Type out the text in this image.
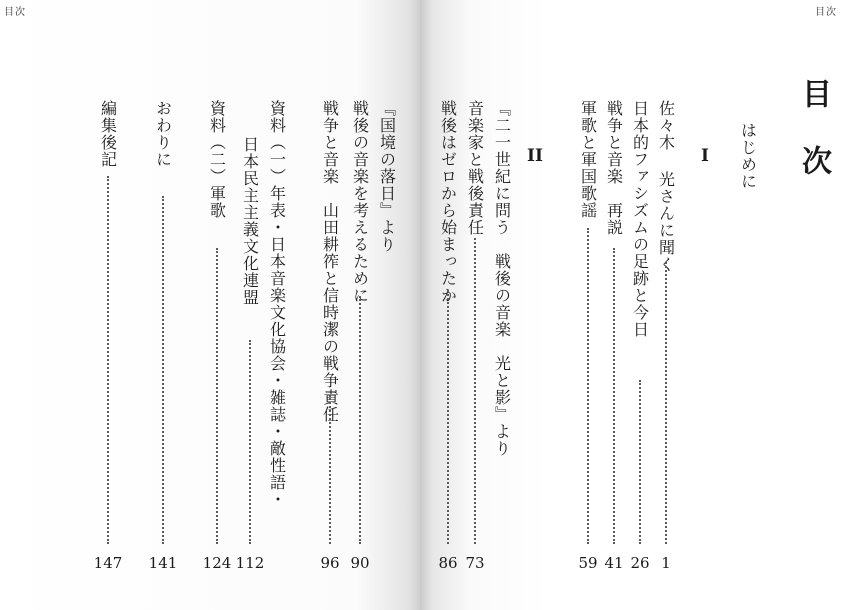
目次	目次
目 次
はじめに
I
佐々木 光さんに聞く
1
日本的ファシズムの足跡と今日
26
戦争と音楽　再説
41
軍歌と軍国歌謡
59
II
『二一世紀に問う　戦後の音楽　光と影』より
音楽家と戦後責任
73
戦後はゼロから始まったか
86
『国境の落日』より
戦後の音楽を考えるために
90
戦争と音楽　山田耕筰と信時潔の戦争責任
96
資料（一）年表・日本音楽文化協会・雑誌・敵性語・
日本民主主義文化連盟
112
資料（二）軍歌
124
おわりに
141
編集後記
147
